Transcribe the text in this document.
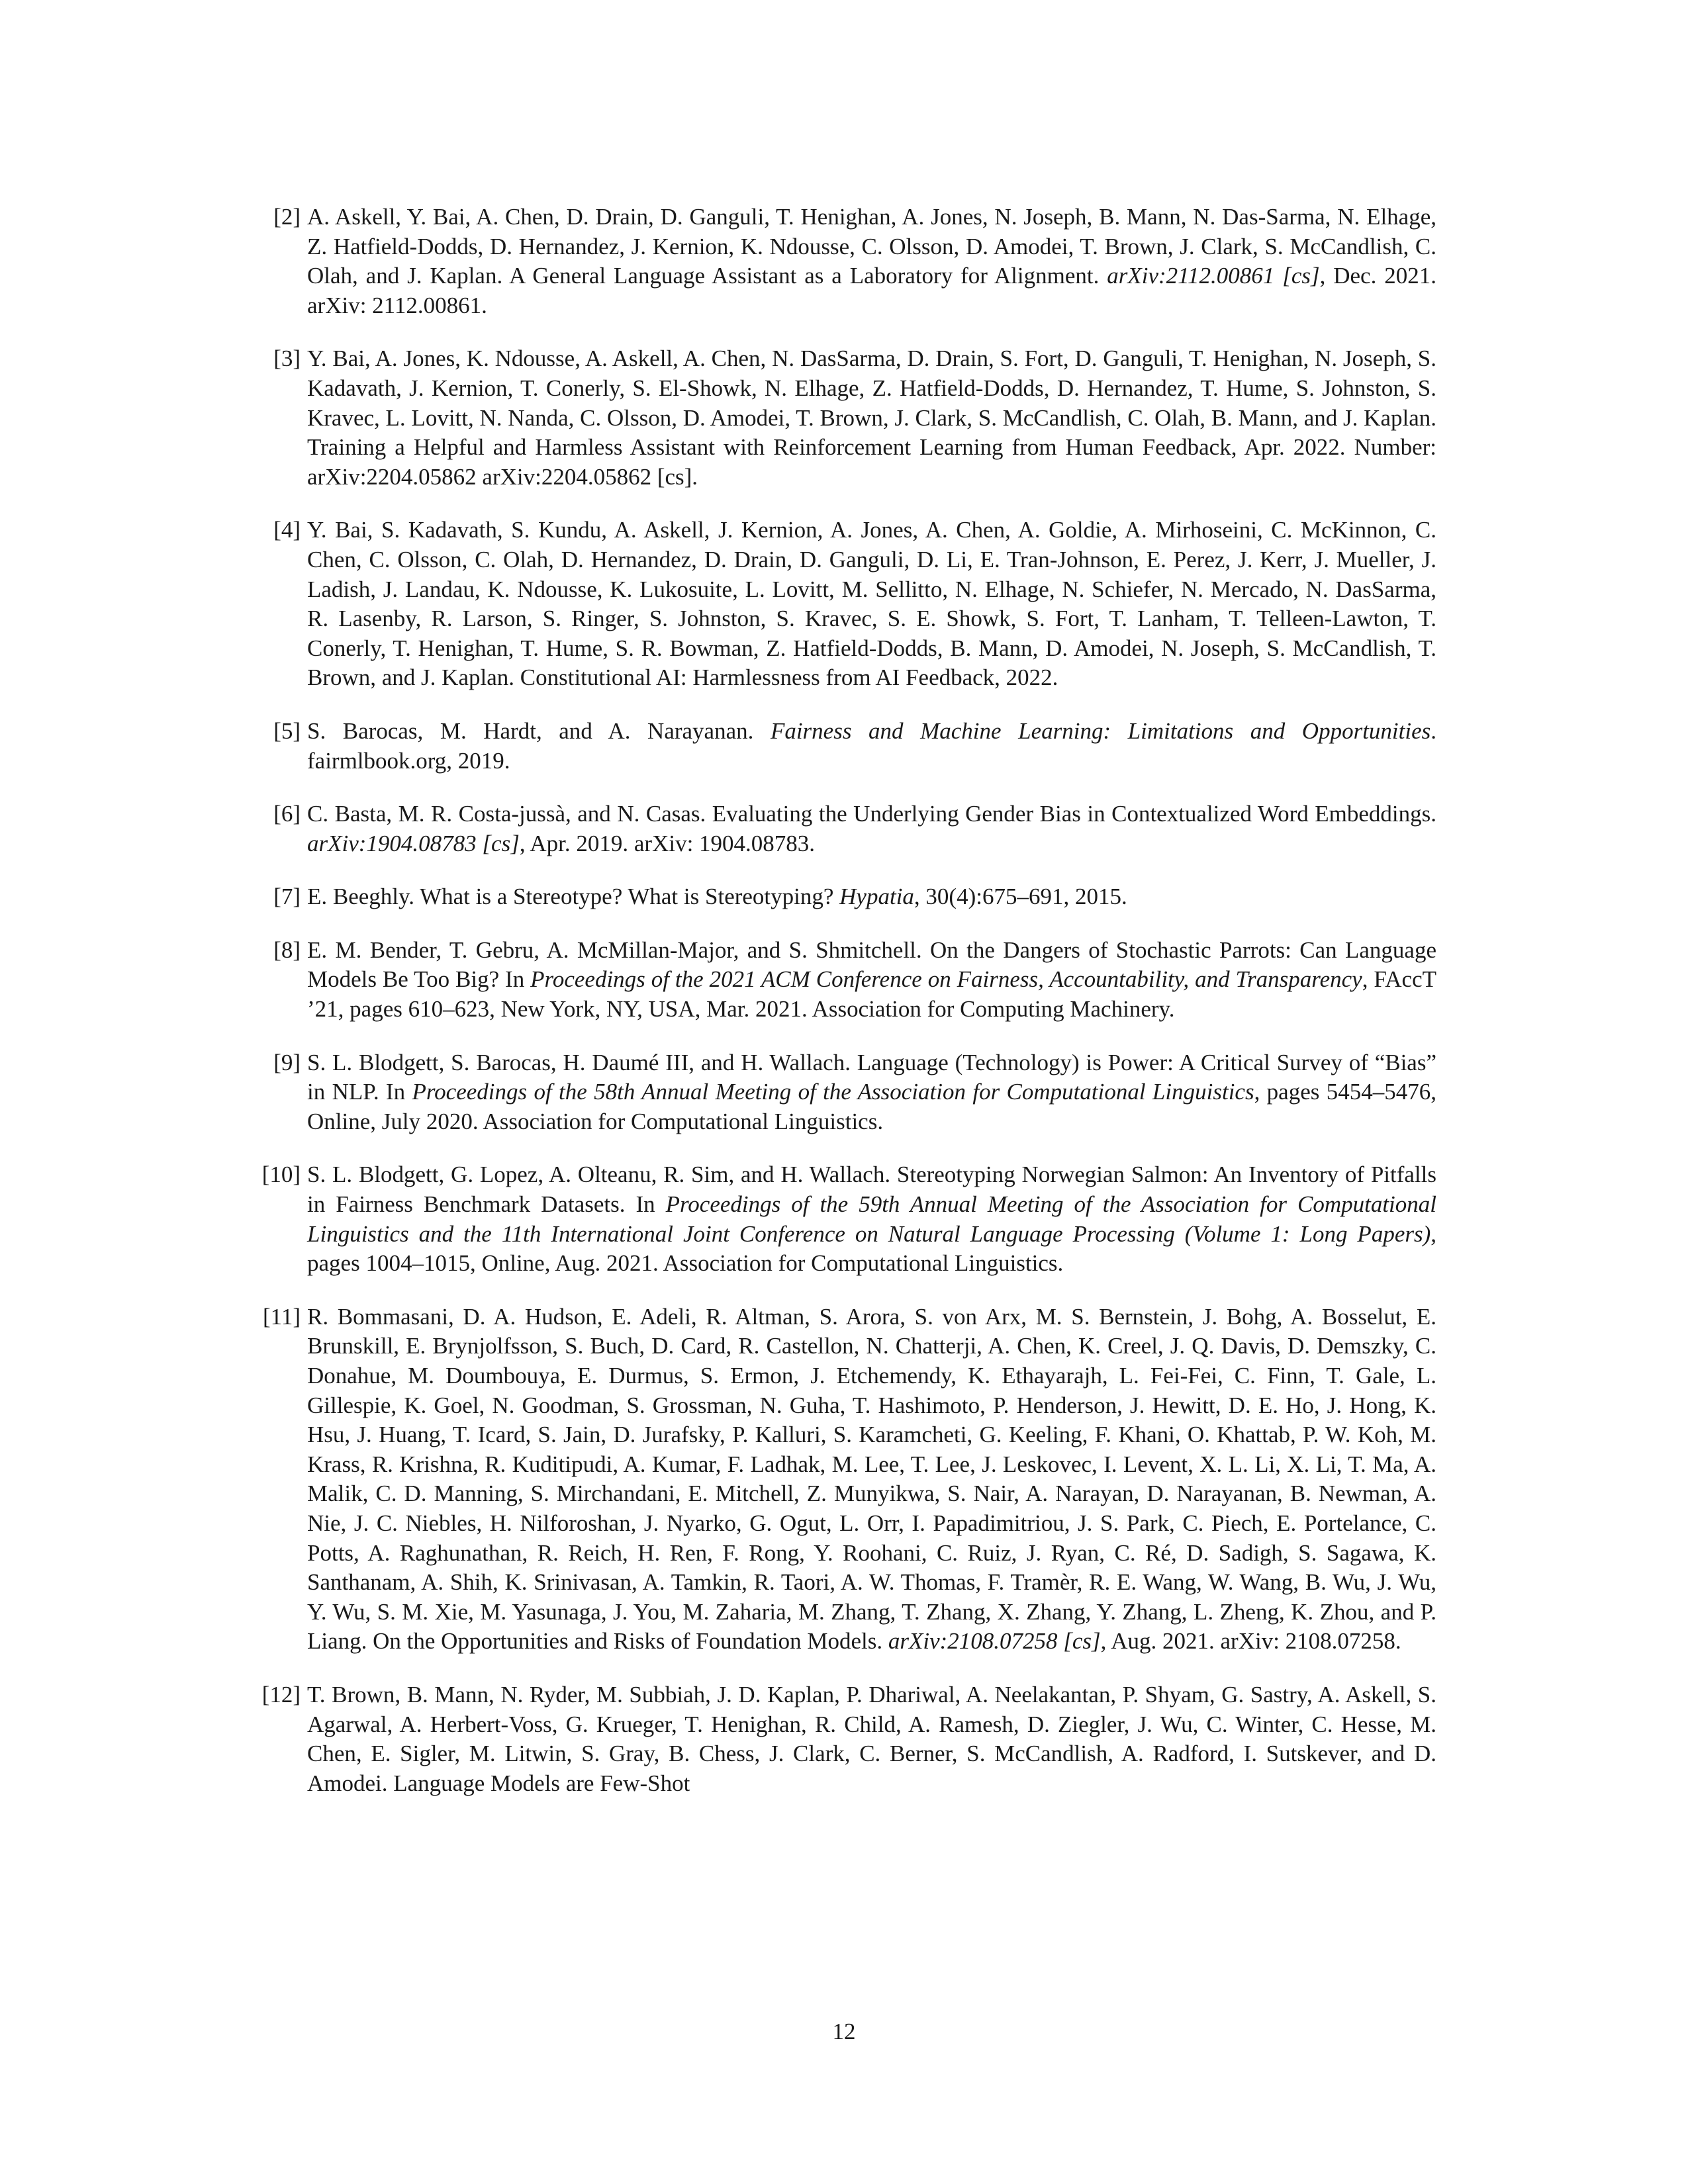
[2] A. Askell, Y. Bai, A. Chen, D. Drain, D. Ganguli, T. Henighan, A. Jones, N. Joseph, B. Mann, N. Das-Sarma, N. Elhage, Z. Hatfield-Dodds, D. Hernandez, J. Kernion, K. Ndousse, C. Olsson, D. Amodei, T. Brown, J. Clark, S. McCandlish, C. Olah, and J. Kaplan. A General Language Assistant as a Laboratory for Alignment. arXiv:2112.00861 [cs], Dec. 2021. arXiv: 2112.00861.
[3] Y. Bai, A. Jones, K. Ndousse, A. Askell, A. Chen, N. DasSarma, D. Drain, S. Fort, D. Ganguli, T. Henighan, N. Joseph, S. Kadavath, J. Kernion, T. Conerly, S. El-Showk, N. Elhage, Z. Hatfield-Dodds, D. Hernandez, T. Hume, S. Johnston, S. Kravec, L. Lovitt, N. Nanda, C. Olsson, D. Amodei, T. Brown, J. Clark, S. McCandlish, C. Olah, B. Mann, and J. Kaplan. Training a Helpful and Harmless Assistant with Reinforcement Learning from Human Feedback, Apr. 2022. Number: arXiv:2204.05862 arXiv:2204.05862 [cs].
[4] Y. Bai, S. Kadavath, S. Kundu, A. Askell, J. Kernion, A. Jones, A. Chen, A. Goldie, A. Mirhoseini, C. McKinnon, C. Chen, C. Olsson, C. Olah, D. Hernandez, D. Drain, D. Ganguli, D. Li, E. Tran-Johnson, E. Perez, J. Kerr, J. Mueller, J. Ladish, J. Landau, K. Ndousse, K. Lukosuite, L. Lovitt, M. Sellitto, N. Elhage, N. Schiefer, N. Mercado, N. DasSarma, R. Lasenby, R. Larson, S. Ringer, S. Johnston, S. Kravec, S. E. Showk, S. Fort, T. Lanham, T. Telleen-Lawton, T. Conerly, T. Henighan, T. Hume, S. R. Bowman, Z. Hatfield-Dodds, B. Mann, D. Amodei, N. Joseph, S. McCandlish, T. Brown, and J. Kaplan. Constitutional AI: Harmlessness from AI Feedback, 2022.
[5] S. Barocas, M. Hardt, and A. Narayanan. Fairness and Machine Learning: Limitations and Opportunities. fairmlbook.org, 2019.
[6] C. Basta, M. R. Costa-jussà, and N. Casas. Evaluating the Underlying Gender Bias in Contextualized Word Embeddings. arXiv:1904.08783 [cs], Apr. 2019. arXiv: 1904.08783.
[7] E. Beeghly. What is a Stereotype? What is Stereotyping? Hypatia, 30(4):675–691, 2015.
[8] E. M. Bender, T. Gebru, A. McMillan-Major, and S. Shmitchell. On the Dangers of Stochastic Parrots: Can Language Models Be Too Big? In Proceedings of the 2021 ACM Conference on Fairness, Accountability, and Transparency, FAccT ’21, pages 610–623, New York, NY, USA, Mar. 2021. Association for Computing Machinery.
[9] S. L. Blodgett, S. Barocas, H. Daumé III, and H. Wallach. Language (Technology) is Power: A Critical Survey of “Bias” in NLP. In Proceedings of the 58th Annual Meeting of the Association for Computational Linguistics, pages 5454–5476, Online, July 2020. Association for Computational Linguistics.
[10] S. L. Blodgett, G. Lopez, A. Olteanu, R. Sim, and H. Wallach. Stereotyping Norwegian Salmon: An Inventory of Pitfalls in Fairness Benchmark Datasets. In Proceedings of the 59th Annual Meeting of the Association for Computational Linguistics and the 11th International Joint Conference on Natural Language Processing (Volume 1: Long Papers), pages 1004–1015, Online, Aug. 2021. Association for Computational Linguistics.
[11] R. Bommasani, D. A. Hudson, E. Adeli, R. Altman, S. Arora, S. von Arx, M. S. Bernstein, J. Bohg, A. Bosselut, E. Brunskill, E. Brynjolfsson, S. Buch, D. Card, R. Castellon, N. Chatterji, A. Chen, K. Creel, J. Q. Davis, D. Demszky, C. Donahue, M. Doumbouya, E. Durmus, S. Ermon, J. Etchemendy, K. Ethayarajh, L. Fei-Fei, C. Finn, T. Gale, L. Gillespie, K. Goel, N. Goodman, S. Grossman, N. Guha, T. Hashimoto, P. Henderson, J. Hewitt, D. E. Ho, J. Hong, K. Hsu, J. Huang, T. Icard, S. Jain, D. Jurafsky, P. Kalluri, S. Karamcheti, G. Keeling, F. Khani, O. Khattab, P. W. Koh, M. Krass, R. Krishna, R. Kuditipudi, A. Kumar, F. Ladhak, M. Lee, T. Lee, J. Leskovec, I. Levent, X. L. Li, X. Li, T. Ma, A. Malik, C. D. Manning, S. Mirchandani, E. Mitchell, Z. Munyikwa, S. Nair, A. Narayan, D. Narayanan, B. Newman, A. Nie, J. C. Niebles, H. Nilforoshan, J. Nyarko, G. Ogut, L. Orr, I. Papadimitriou, J. S. Park, C. Piech, E. Portelance, C. Potts, A. Raghunathan, R. Reich, H. Ren, F. Rong, Y. Roohani, C. Ruiz, J. Ryan, C. Ré, D. Sadigh, S. Sagawa, K. Santhanam, A. Shih, K. Srinivasan, A. Tamkin, R. Taori, A. W. Thomas, F. Tramèr, R. E. Wang, W. Wang, B. Wu, J. Wu, Y. Wu, S. M. Xie, M. Yasunaga, J. You, M. Zaharia, M. Zhang, T. Zhang, X. Zhang, Y. Zhang, L. Zheng, K. Zhou, and P. Liang. On the Opportunities and Risks of Foundation Models. arXiv:2108.07258 [cs], Aug. 2021. arXiv: 2108.07258.
[12] T. Brown, B. Mann, N. Ryder, M. Subbiah, J. D. Kaplan, P. Dhariwal, A. Neelakantan, P. Shyam, G. Sastry, A. Askell, S. Agarwal, A. Herbert-Voss, G. Krueger, T. Henighan, R. Child, A. Ramesh, D. Ziegler, J. Wu, C. Winter, C. Hesse, M. Chen, E. Sigler, M. Litwin, S. Gray, B. Chess, J. Clark, C. Berner, S. McCandlish, A. Radford, I. Sutskever, and D. Amodei. Language Models are Few-Shot
12
